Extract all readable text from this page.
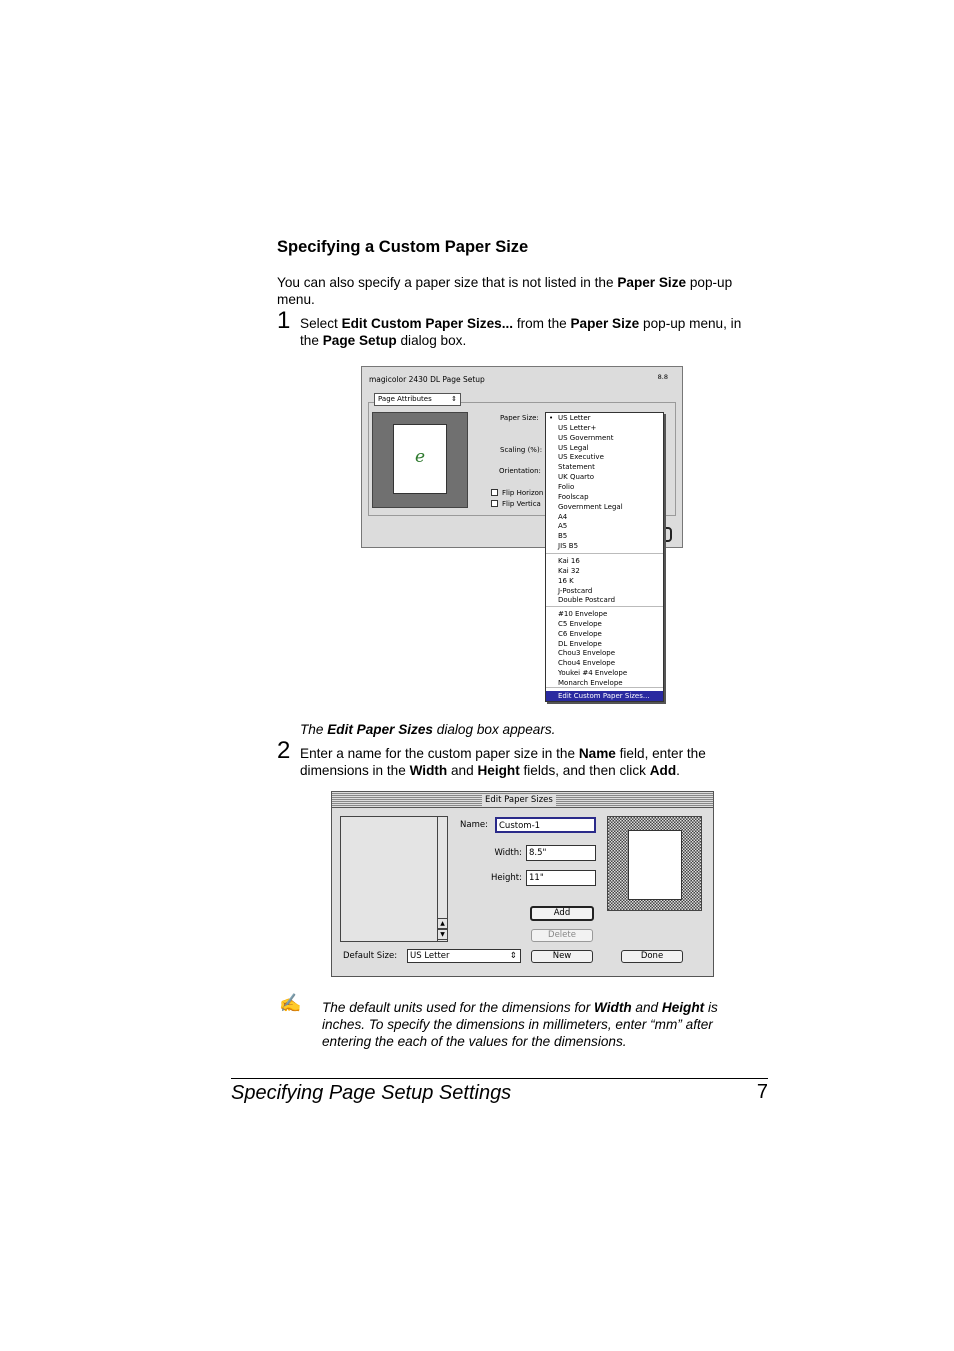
Specifying a Custom Paper Size
You can also specify a paper size that is not listed in the Paper Size pop-up
menu.
1 Select Edit Custom Paper Sizes... from the Paper Size pop-up menu, in
the Page Setup dialog box.
magicolor 2430 DL Page Setup	8.8
Page Attributes	⇕
e
Paper Size:
Scaling (%):
Orientation:
Flip Horizon
Flip Vertica
• US Letter
US Letter+
US Government
US Legal
US Executive
Statement
UK Quarto
Folio
Foolscap
Government Legal
A4
A5
B5
JIS B5
Kai 16
Kai 32
16 K
J-Postcard
Double Postcard
#10 Envelope
C5 Envelope
C6 Envelope
DL Envelope
Chou3 Envelope
Chou4 Envelope
Youkei #4 Envelope
Monarch Envelope
Edit Custom Paper Sizes...
The Edit Paper Sizes dialog box appears.
2 Enter a name for the custom paper size in the Name field, enter the
dimensions in the Width and Height fields, and then click Add.
Edit Paper Sizes
▲
▼
Name:	Custom-1
Width: 8.5"
Height: 11"
Add
Delete
Default Size:	US Letter	⇕	New	Done
✍ The default units used for the dimensions for Width and Height is
inches. To specify the dimensions in millimeters, enter “mm” after
entering the each of the values for the dimensions.
Specifying Page Setup Settings	7
